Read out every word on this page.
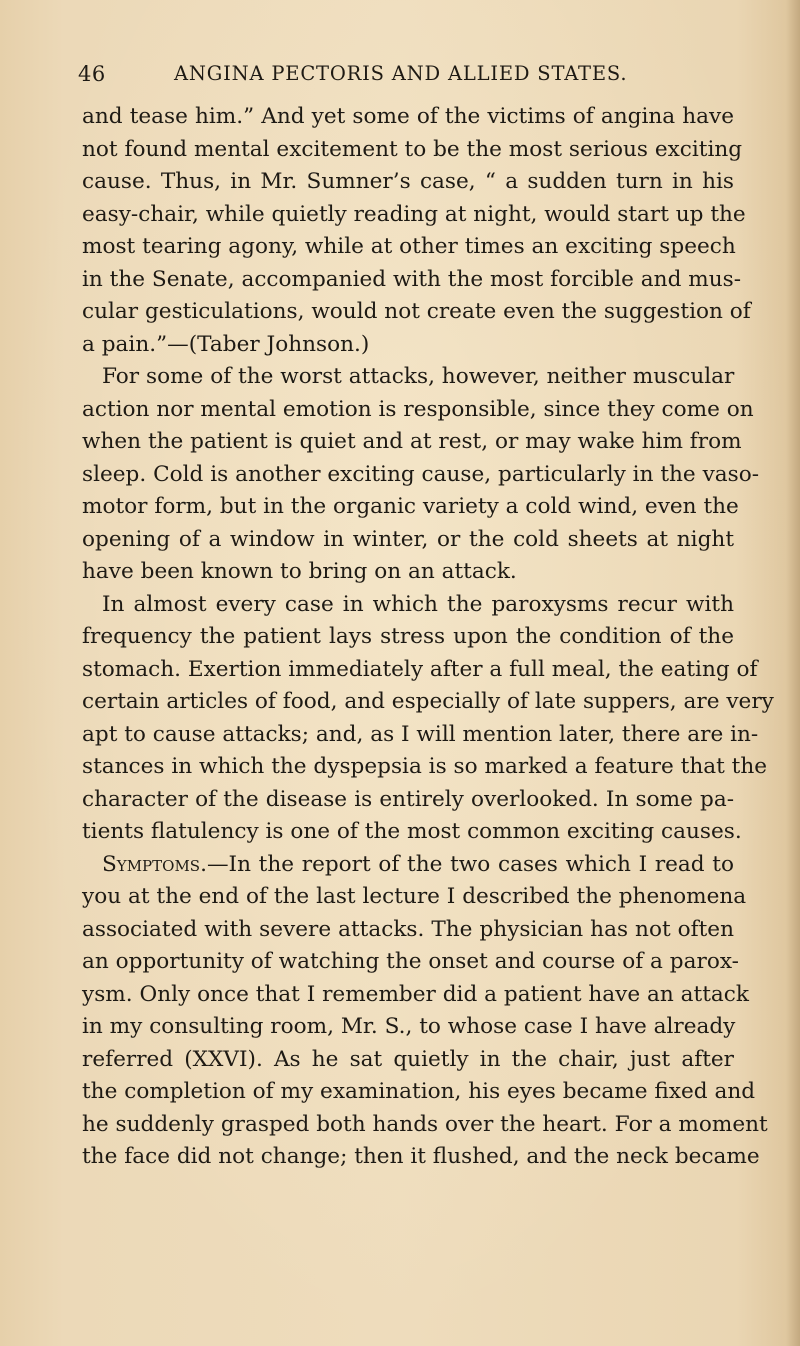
46	ANGINA PECTORIS AND ALLIED STATES.
and tease him.” And yet some of the victims of angina have
not found mental excitement to be the most serious exciting
cause. Thus, in Mr. Sumner’s case, “ a sudden turn in his
easy-chair, while quietly reading at night, would start up the
most tearing agony, while at other times an exciting speech
in the Senate, accompanied with the most forcible and mus-
cular gesticulations, would not create even the suggestion of
a pain.”—(Taber Johnson.)
For some of the worst attacks, however, neither muscular
action nor mental emotion is responsible, since they come on
when the patient is quiet and at rest, or may wake him from
sleep. Cold is another exciting cause, particularly in the vaso-
motor form, but in the organic variety a cold wind, even the
opening of a window in winter, or the cold sheets at night
have been known to bring on an attack.
In almost every case in which the paroxysms recur with
frequency the patient lays stress upon the condition of the
stomach. Exertion immediately after a full meal, the eating of
certain articles of food, and especially of late suppers, are very
apt to cause attacks; and, as I will mention later, there are in-
stances in which the dyspepsia is so marked a feature that the
character of the disease is entirely overlooked. In some pa-
tients flatulency is one of the most common exciting causes.
Symptoms.—In the report of the two cases which I read to
you at the end of the last lecture I described the phenomena
associated with severe attacks. The physician has not often
an opportunity of watching the onset and course of a parox-
ysm. Only once that I remember did a patient have an attack
in my consulting room, Mr. S., to whose case I have already
referred (XXVI). As he sat quietly in the chair, just after
the completion of my examination, his eyes became fixed and
he suddenly grasped both hands over the heart. For a moment
the face did not change; then it flushed, and the neck became
